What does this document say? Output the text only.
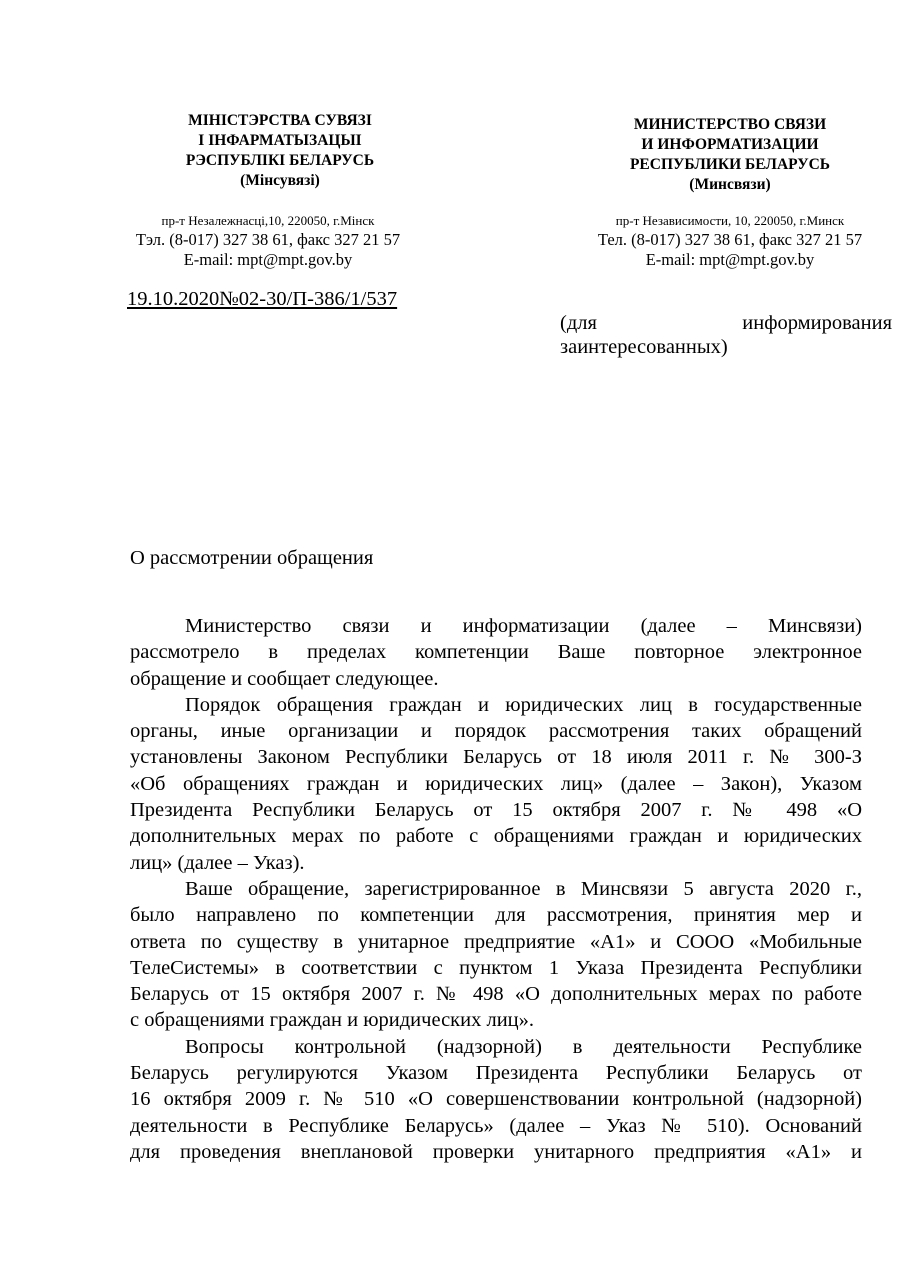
МІНІСТЭРСТВА СУВЯЗІ
І ІНФАРМАТЫЗАЦЫІ
РЭСПУБЛІКІ БЕЛАРУСЬ
(Мінсувязі)
МИНИСТЕРСТВО СВЯЗИ
И ИНФОРМАТИЗАЦИИ
РЕСПУБЛИКИ БЕЛАРУСЬ
(Минсвязи)
пр-т Незалежнасці,10, 220050, г.Мінск
Тэл. (8-017) 327 38 61, факс 327 21 57
E-mail: mpt@mpt.gov.by
пр-т Независимости, 10, 220050, г.Минск
Тел. (8-017) 327 38 61, факс 327 21 57
E-mail: mpt@mpt.gov.by
19.10.2020№02-30/П-386/1/537
(для информирования
заинтересованных)
О рассмотрении обращения
Министерство связи и информатизации (далее – Минсвязи)
рассмотрело в пределах компетенции Ваше повторное электронное
обращение и сообщает следующее.
Порядок обращения граждан и юридических лиц в государственные
органы, иные организации и порядок рассмотрения таких обращений
установлены Законом Республики Беларусь от 18 июля 2011 г. № 300-З
«Об обращениях граждан и юридических лиц» (далее – Закон), Указом
Президента Республики Беларусь от 15 октября 2007 г. № 498 «О
дополнительных мерах по работе с обращениями граждан и юридических
лиц» (далее – Указ).
Ваше обращение, зарегистрированное в Минсвязи 5 августа 2020 г.,
было направлено по компетенции для рассмотрения, принятия мер и
ответа по существу в унитарное предприятие «А1» и СООО «Мобильные
ТелеСистемы» в соответствии с пунктом 1 Указа Президента Республики
Беларусь от 15 октября 2007 г. № 498 «О дополнительных мерах по работе
с обращениями граждан и юридических лиц».
Вопросы контрольной (надзорной) в деятельности Республике
Беларусь регулируются Указом Президента Республики Беларусь от
16 октября 2009 г. № 510 «О совершенствовании контрольной (надзорной)
деятельности в Республике Беларусь» (далее – Указ № 510). Оснований
для проведения внеплановой проверки унитарного предприятия «А1» и
